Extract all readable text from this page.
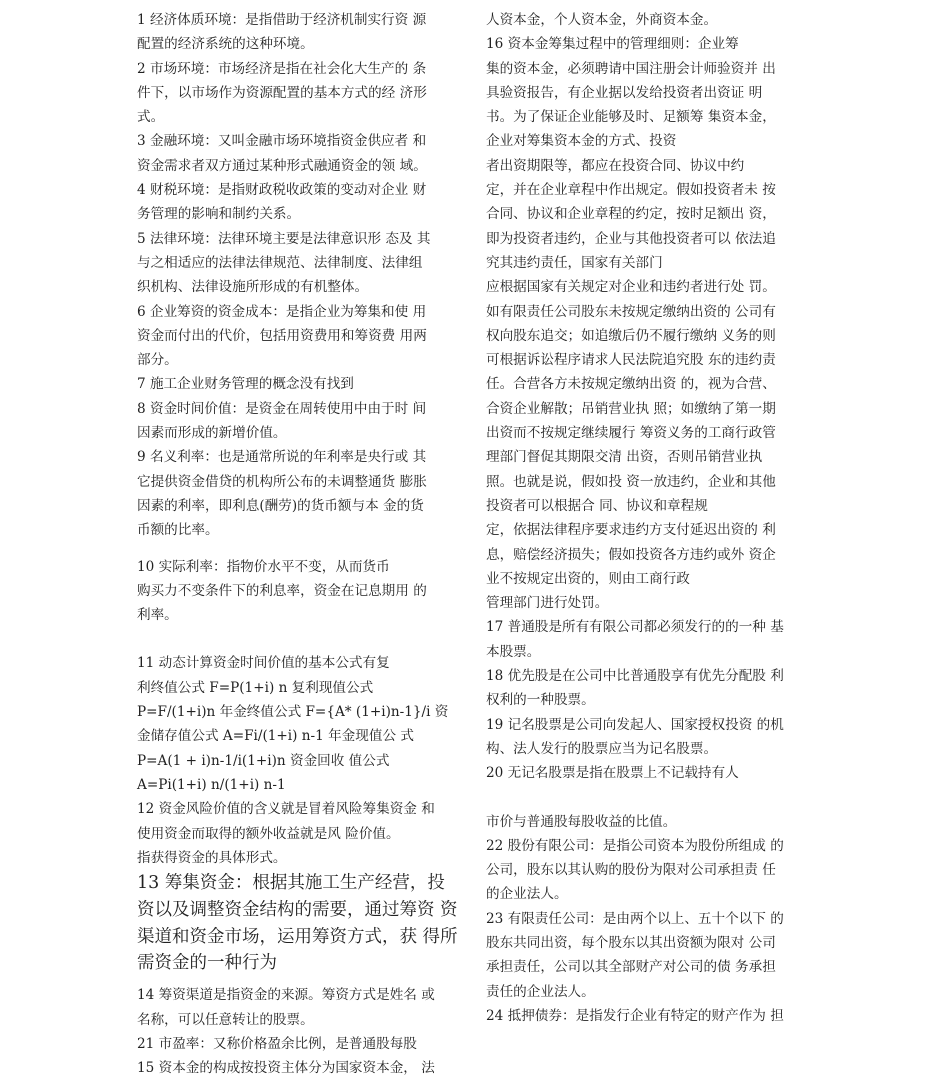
1 经济体质环境：是指借助于经济机制实行资 源

配置的经济系统的这种环境。

2 市场环境：市场经济是指在社会化大生产的 条

件下，以市场作为资源配置的基本方式的经 济形

式。

3 金融环境：又叫金融市场环境指资金供应者 和

资金需求者双方通过某种形式融通资金的领 域。

4 财税环境：是指财政税收政策的变动对企业 财

务管理的影响和制约关系。

5 法律环境：法律环境主要是法律意识形 态及 其

与之相适应的法律法律规范、法律制度、法律组

织机构、法律设施所形成的有机整体。

6 企业筹资的资金成本：是指企业为筹集和使 用

资金而付出的代价，包括用资费用和筹资费 用两

部分。

7 施工企业财务管理的概念没有找到

8 资金时间价值：是资金在周转使用中由于时 间

因素而形成的新增价值。

9 名义利率：也是通常所说的年利率是央行或 其

它提供资金借贷的机构所公布的未调整通货 膨胀

因素的利率，即利息(酬劳)的货币额与本 金的货

币额的比率。

10 实际利率：指物价水平不变，从而货币

购买力不变条件下的利息率，资金在记息期用 的

利率。

11 动态计算资金时间价值的基本公式有复

利终值公式 F=P(1+i) n 复利现值公式

P=F/(1+i)n 年金终值公式 F={A* (1+i)n-1}/i 资

金储存值公式 A=Fi/(1+i) n-1 年金现值公 式

P=A(1 + i)n-1/i(1+i)n 资金回收 值公式

A=Pi(1+i) n/(1+i) n-1

12 资金风险价值的含义就是冒着风险筹集资金 和

使用资金而取得的额外收益就是风 险价值。

指获得资金的具体形式。

13 筹集资金：根据其施工生产经营，投

资以及调整资金结构的需要，通过筹资 资

渠道和资金市场，运用筹资方式，获 得所

需资金的一种行为

14 筹资渠道是指资金的来源。筹资方式是姓名 或

名称，可以任意转让的股票。

21 市盈率：又称价格盈余比例，是普通股每股

15 资本金的构成按投资主体分为国家资本金， 法

人资本金，个人资本金，外商资本金。

16 资本金筹集过程中的管理细则：企业筹

集的资本金，必须聘请中国注册会计师验资并 出

具验资报告，有企业据以发给投资者出资证 明

书。为了保证企业能够及时、足额筹 集资本金，

企业对筹集资本金的方式、投资

者出资期限等，都应在投资合同、协议中约

定，并在企业章程中作出规定。假如投资者未 按

合同、协议和企业章程的约定，按时足额出 资，

即为投资者违约，企业与其他投资者可以 依法追

究其违约责任，国家有关部门

应根据国家有关规定对企业和违约者进行处 罚。

如有限责任公司股东未按规定缴纳出资的 公司有

权向股东追交；如追缴后仍不履行缴纳 义务的则

可根据诉讼程序请求人民法院追究股 东的违约责

任。合营各方未按规定缴纳出资 的，视为合营、

合资企业解散；吊销营业执 照；如缴纳了第一期

出资而不按规定继续履行 筹资义务的工商行政管

理部门督促其期限交清 出资，否则吊销营业执

照。也就是说，假如投 资一放违约，企业和其他

投资者可以根据合 同、协议和章程规

定，依据法律程序要求违约方支付延迟出资的 利

息，赔偿经济损失；假如投资各方违约或外 资企

业不按规定出资的，则由工商行政

管理部门进行处罚。

17 普通股是所有有限公司都必须发行的的一种 基

本股票。

18 优先股是在公司中比普通股享有优先分配股 利

权利的一种股票。

19 记名股票是公司向发起人、国家授权投资 的机

构、法人发行的股票应当为记名股票。

20 无记名股票是指在股票上不记载持有人

市价与普通股每股收益的比值。

22 股份有限公司：是指公司资本为股份所组成 的

公司，股东以其认购的股份为限对公司承担责 任

的企业法人。

23 有限责任公司：是由两个以上、五十个以下 的

股东共同出资，每个股东以其出资额为限对 公司

承担责任，公司以其全部财产对公司的债 务承担

责任的企业法人。

24 抵押债券：是指发行企业有特定的财产作为 担
